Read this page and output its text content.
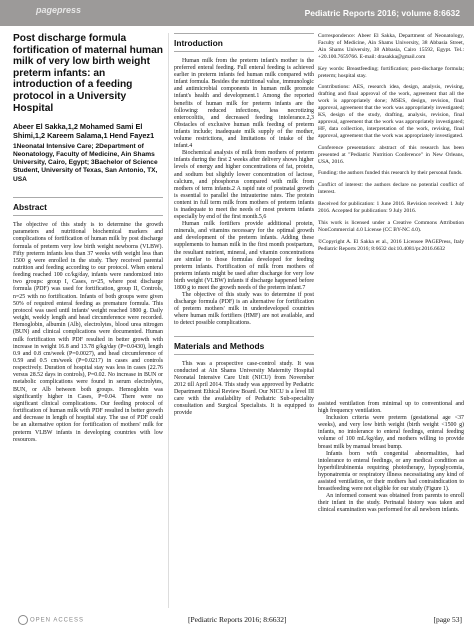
pagepress	Pediatric Reports 2016; volume 8:6632
Post discharge formula fortification of maternal human milk of very low birth weight preterm infants: an introduction of a feeding protocol in a University Hospital
Abeer El Sakka,1,2 Mohamed Sami El Shimi,1,2 Kareem Salama,1 Hend Fayez1
1Neonatal Intensive Care; 2Department of Neonatology, Faculty of Medicine, Ain Shams University, Cairo, Egypt; 3Bachelor of Science Student, University of Texas, San Antonio, TX, USA
Abstract
The objective of this study is to determine the growth parameters and nutritional biochemical markers and complications of fortification of human milk by post discharge formula of preterm very low birth weight newborns (VLBW). Fifty preterm infants less than 37 weeks with weight less than 1500 g were enrolled in the study. They received parental nutrition and feeding according to our protocol. When enteral feeding reached 100 cc/kg/day, infants were randomized into two groups: group I, Cases, n=25, where post discharge formula (PDF) was used for fortification, group II, Controls, n=25 with no fortification. Infants of both groups were given 50% of required enteral feeding as premature formula. This protocol was used until infants' weight reached 1800 g. Daily weight, weekly length and head circumference were recorded. Hemoglobin, albumin (Alb), electrolytes, blood urea nitrogen (BUN) and clinical complications were documented. Human milk fortification with PDF resulted in better growth with increase in weight 16.8 and 13.78 g/kg/day (P=0.0430), length 0.9 and 0.8 cm/week (P=0.0027), and head circumference of 0.59 and 0.5 cm/week (P=0.0217) in cases and controls respectively. Duration of hospital stay was less in cases (22.76 versus 28.52 days in controls), P=0.02. No increase in BUN or metabolic complications were found in serum electrolytes, BUN, or Alb between both groups. Hemoglobin was significantly higher in Cases, P=0.04. There were no significant clinical complications. Our feeding protocol of fortification of human milk with PDF resulted in better growth and decrease in length of hospital stay. The use of PDF could be an alternative option for fortification of mothers' milk for preterm VLBW infants in developing countries with low resources.
Introduction

Human milk from the preterm infant's mother is the preferred enteral feeding. Full enteral feeding is achieved earlier in preterm infants fed human milk compared with infant formula. Besides the nutritional value, immunologic and antimicrobial components in human milk promote infant's health and development.1 Among the reported benefits of human milk for preterm infants are the following: reduced infections, less necrotizing enterocolitis, and decreased feeding intolerance.2,3 Obstacles of exclusive human milk feeding of preterm infants include; inadequate milk supply of the mother, volume restrictions, and limitations of intake of the infant.4

Biochemical analysis of milk from mothers of preterm infants during the first 2 weeks after delivery shows higher levels of energy and higher concentrations of fat, protein, and sodium but slightly lower concentration of lactose, calcium, and phosphorus compared with milk from mothers of term infants.2 A rapid rate of postnatal growth is essential to parallel the intrauterine rates. The protein content in full term milk from mothers of preterm infants is inadequate to meet the needs of most preterm infants especially by end of the first month.5,6

Human milk fortifiers provide additional protein, minerals, and vitamins necessary for the optimal growth and development of the preterm infants. Adding these supplements to human milk in the first month postpartum, the resultant nutrient, mineral, and vitamin concentrations are similar to those formulas developed for feeding preterm infants. Fortification of milk from mothers of preterm infants might be used after discharge for very low birth weight (VLBW) infants if discharge happened before 1800 g to meet the growth needs of the preterm infant.7

The objective of this study was to determine if post discharge formula (PDF) is an alternative for fortification of preterm mothers' milk in underdeveloped countries where human milk fortifiers (HMF) are not available, and to detect possible complications.

Materials and Methods

This was a prospective case-control study. It was conducted at Ain Shams University Maternity Hospital Neonatal Intensive Care Unit (NICU) from November 2012 till April 2014. This study was approved by Pediatric Department Ethical Review Board. Our NICU is a level III care with the availability of Pediatric Sub-speciality consultation and Surgical Specialists. It is equipped to provide

Correspondence: Abeer El Sakka, Department of Neonatology, Faculty of Medicine, Ain Shams University, 38 Abbasia Street, Ain Shams University, 38 Abbasia, Cairo 15592, Egypt. Tel.: +20.100.7659766. E-mail: drasakka@gmail.com

Key words: Breastfeeding; fortification; post-discharge formula; preterm; hospital stay.

Contributions: AES, research idea, design, analysis, revising, drafting and final approval of the work, agreement that all the work is appropriately done; MSES, design, revision, final approval, agreement that the work was appropriately investigated; KS, design of the study, drafting, analysis, revision, final approval, agreement that the work was appropriately investigated; HF, data collection, interpretation of the work, revising, final approval, agreement that the work was appropriately investigated.

Conference presentation: abstract of this research has been presented at "Pediatric Nutrition Conference" in New Orleans, USA, 2016.

Funding: the authors funded this research by their personal funds.

Conflict of interest: the authors declare no potential conflict of interest.

Received for publication: 1 June 2016. Revision received: 1 July 2016. Accepted for publication: 9 July 2016.

This work is licensed under a Creative Commons Attribution NonCommercial 4.0 License (CC BY-NC 4.0).

©Copyright A. El Sakka et al., 2016 Licensee PAGEPress, Italy Pediatric Reports 2016; 8:6632 doi:10.4081/pr.2016.6632

assisted ventilation from minimal up to conventional and high frequency ventilation.

Inclusion criteria were preterm (gestational age <37 weeks), and very low birth weight (birth weight <1500 g) infants, no intolerance to enteral feedings, enteral feeding volume of 100 mL/kg/day, and mothers willing to provide breast milk by manual breast bump.

Infants born with congenital abnormalities, had intolerance to enteral feedings, or any medical condition as hyperbilirubinemia requiring phototherapy, hypoglycemia, hyponatremia or respiratory illness necessitating any kind of assisted ventilation, or their mothers had contraindication to breastfeeding were not eligible for our study (Figure 1).

An informed consent was obtained from parents to enroll their infant in the study. Perinatal history was taken and clinical examination was performed for all newborn infants.

OPEN ACCESS	[Pediatric Reports 2016; 8:6632]	[page 53]
